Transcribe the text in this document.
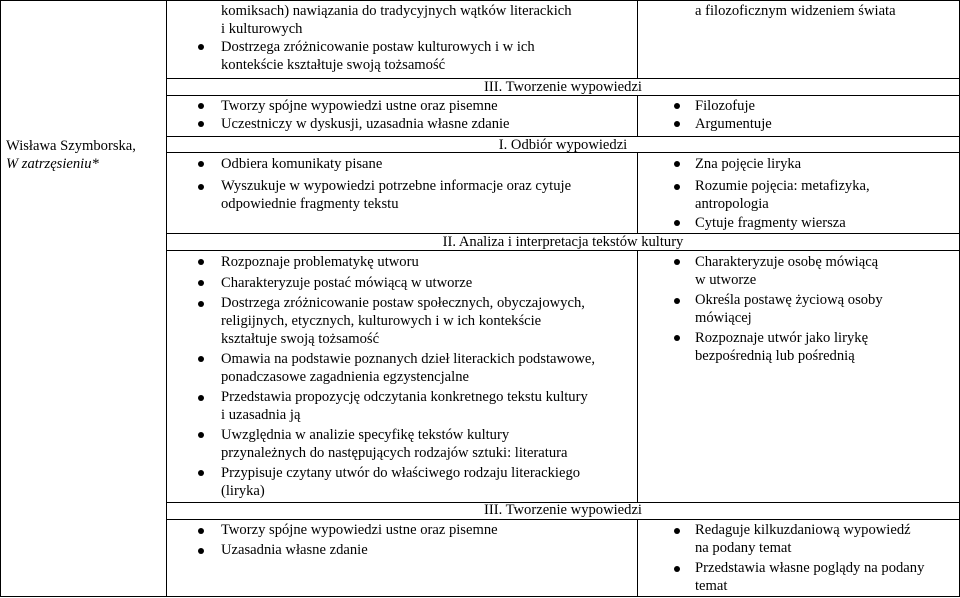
Wisława Szymborska,
W zatrzęsieniu*
komiksach) nawiązania do tradycyjnych wątków literackich
i kulturowych
Dostrzega zróżnicowanie postaw kulturowych i w ich
kontekście kształtuje swoją tożsamość
a filozoficznym widzeniem świata
III. Tworzenie wypowiedzi
Tworzy spójne wypowiedzi ustne oraz pisemne
Uczestniczy w dyskusji, uzasadnia własne zdanie
Filozofuje
Argumentuje
I. Odbiór wypowiedzi
Odbiera komunikaty pisane
Wyszukuje w wypowiedzi potrzebne informacje oraz cytuje
odpowiednie fragmenty tekstu
Zna pojęcie liryka
Rozumie pojęcia: metafizyka,
antropologia
Cytuje fragmenty wiersza
II. Analiza i interpretacja tekstów kultury
Rozpoznaje problematykę utworu
Charakteryzuje postać mówiącą w utworze
Dostrzega zróżnicowanie postaw społecznych, obyczajowych,
religijnych, etycznych, kulturowych i w ich kontekście
kształtuje swoją tożsamość
Omawia na podstawie poznanych dzieł literackich podstawowe,
ponadczasowe zagadnienia egzystencjalne
Przedstawia propozycję odczytania konkretnego tekstu kultury
i uzasadnia ją
Uwzględnia w analizie specyfikę tekstów kultury
przynależnych do następujących rodzajów sztuki: literatura
Przypisuje czytany utwór do właściwego rodzaju literackiego
(liryka)
Charakteryzuje osobę mówiącą
w utworze
Określa postawę życiową osoby
mówiącej
Rozpoznaje utwór jako lirykę
bezpośrednią lub pośrednią
III. Tworzenie wypowiedzi
Tworzy spójne wypowiedzi ustne oraz pisemne
Uzasadnia własne zdanie
Redaguje kilkuzdaniową wypowiedź
na podany temat
Przedstawia własne poglądy na podany
temat
